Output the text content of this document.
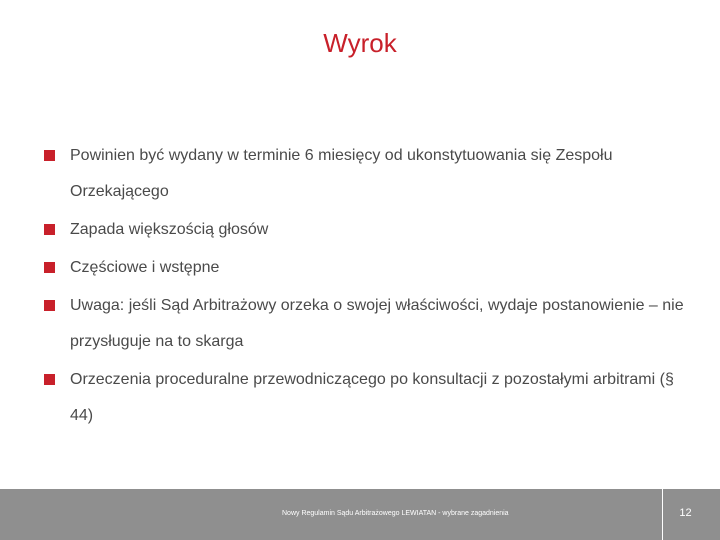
Wyrok
Powinien być wydany w terminie 6 miesięcy od ukonstytuowania się Zespołu Orzekającego
Zapada większością głosów
Częściowe i wstępne
Uwaga: jeśli Sąd Arbitrażowy orzeka o swojej właściwości, wydaje postanowienie – nie przysługuje na to skarga
Orzeczenia proceduralne przewodniczącego po konsultacji z pozostałymi arbitrami (§ 44)
Nowy Regulamin Sądu Arbitrażowego LEWIATAN - wybrane zagadnienia	12
